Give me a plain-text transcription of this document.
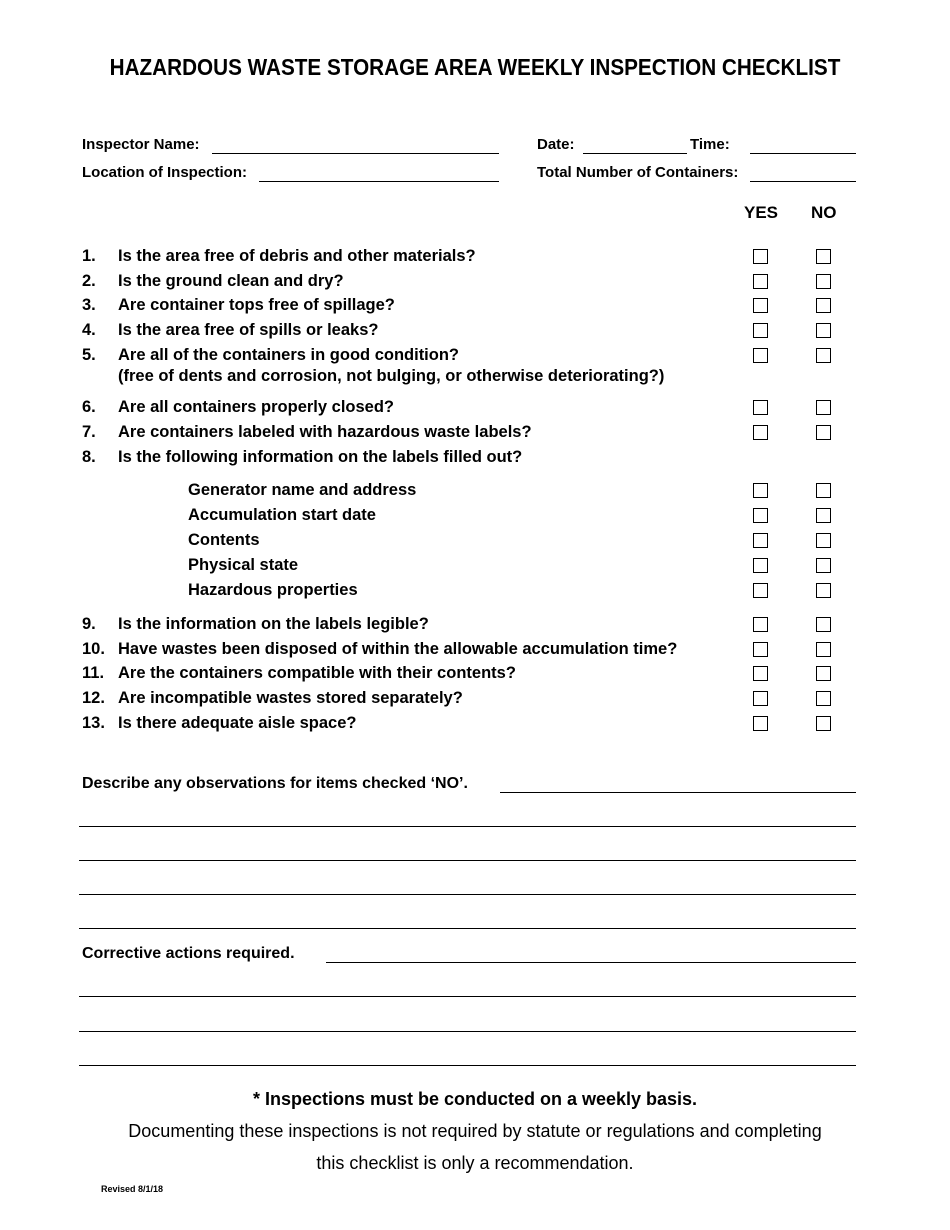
HAZARDOUS WASTE STORAGE AREA WEEKLY INSPECTION CHECKLIST
Inspector Name:	Date:	Time:
Location of Inspection:	Total Number of Containers:
YES NO
1. Is the area free of debris and other materials?
2. Is the ground clean and dry?
3. Are container tops free of spillage?
4. Is the area free of spills or leaks?
5. Are all of the containers in good condition?
(free of dents and corrosion, not bulging, or otherwise deteriorating?)
6. Are all containers properly closed?
7. Are containers labeled with hazardous waste labels?
8. Is the following information on the labels filled out?
Generator name and address
Accumulation start date
Contents
Physical state
Hazardous properties
9. Is the information on the labels legible?
10. Have wastes been disposed of within the allowable accumulation time?
11. Are the containers compatible with their contents?
12. Are incompatible wastes stored separately?
13. Is there adequate aisle space?
Describe any observations for items checked ‘NO’.
Corrective actions required.
* Inspections must be conducted on a weekly basis.
Documenting these inspections is not required by statute or regulations and completing
this checklist is only a recommendation.
Revised 8/1/18
